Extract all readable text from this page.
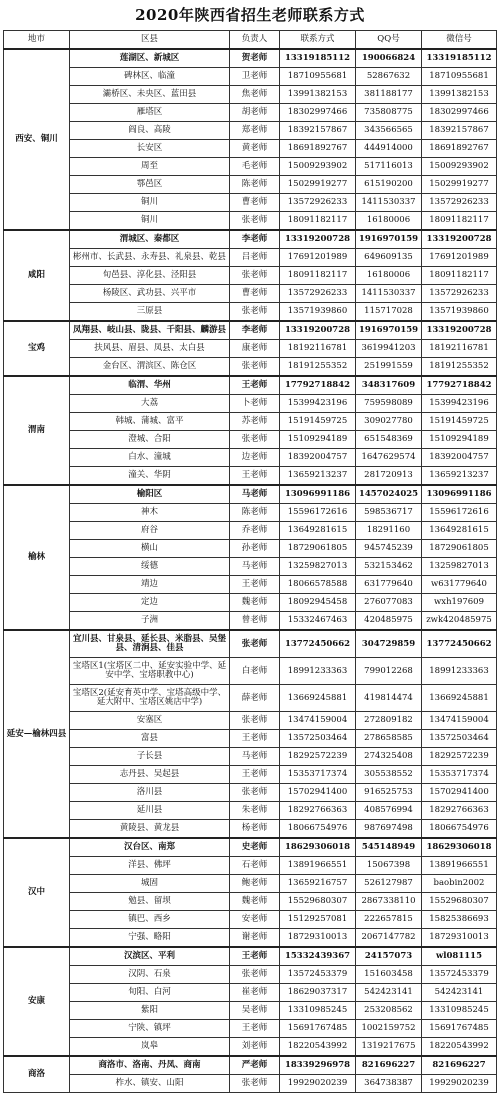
2020年陕西省招生老师联系方式
地市	区县	负责人	联系方式	QQ号	微信号
西安、铜川	莲湖区、新城区	贺老师	13319185112	190066824	13319185112
	碑林区、临潼	卫老师	18710955681	52867632	18710955681
	灞桥区、未央区、蓝田县	焦老师	13991382153	381188177	13991382153
	雁塔区	胡老师	18302997466	735808775	18302997466
	阎良、高陵	郑老师	18392157867	343566565	18392157867
	长安区	黄老师	18691892767	444914000	18691892767
	周至	毛老师	15009293902	517116013	15009293902
	鄠邑区	陈老师	15029919277	615190200	15029919277
	铜川	曹老师	13572926233	1411530337	13572926233
	铜川	张老师	18091182117	16180006	18091182117
咸阳	渭城区、秦都区	李老师	13319200728	1916970159	13319200728
	彬州市、长武县、永寿县、礼泉县、乾县	吕老师	17691201989	649609135	17691201989
	旬邑县、淳化县、泾阳县	张老师	18091182117	16180006	18091182117
	杨陵区、武功县、兴平市	曹老师	13572926233	1411530337	13572926233
	三原县	张老师	13571939860	115717028	13571939860
宝鸡	凤翔县、岐山县、陇县、千阳县、麟游县	李老师	13319200728	1916970159	13319200728
	扶风县、眉县、凤县、太白县	康老师	18192116781	3619941203	18192116781
	金台区、渭滨区、陈仓区	张老师	18191255352	251991559	18191255352
渭南	临渭、华州	王老师	17792718842	348317609	17792718842
	大荔	卜老师	15399423196	759598089	15399423196
	韩城、蒲城、富平	苏老师	15191459725	309027780	15191459725
	澄城、合阳	张老师	15109294189	651548369	15109294189
	白水、潼城	边老师	18392004757	1647629574	18392004757
	潼关、华阴	王老师	13659213237	281720913	13659213237
榆林	榆阳区	马老师	13096991186	1457024025	13096991186
	神木	陈老师	15596172616	598536717	15596172616
	府谷	乔老师	13649281615	18291160	13649281615
	横山	孙老师	18729061805	945745239	18729061805
	绥德	马老师	13259827013	532153462	13259827013
	靖边	王老师	18066578588	631779640	w631779640
	定边	魏老师	18092945458	276077083	wxh197609
	子洲	曾老师	15332467463	420485975	zwk420485975
延安—榆林四县	宜川县、甘泉县、延长县、米脂县、吴堡县、清涧县、佳县	张老师	13772450662	304729859	13772450662
	宝塔区1(宝塔区二中、延安实验中学、延安中学、宝塔职教中心)	白老师	18991233363	799012268	18991233363
	宝塔区2(延安育英中学、宝塔高级中学、延大附中、宝塔区姚店中学)	薛老师	13669245881	419814474	13669245881
	安塞区	张老师	13474159004	272809182	13474159004
	富县	王老师	13572503464	278658585	13572503464
	子长县	马老师	18292572239	274325408	18292572239
	志丹县、吴起县	王老师	15353717374	305538552	15353717374
	洛川县	张老师	15702941400	916525753	15702941400
	延川县	朱老师	18292766363	408576994	18292766363
	黄陵县、黄龙县	杨老师	18066754976	987697498	18066754976
汉中	汉台区、南郑	史老师	18629306018	545148949	18629306018
	洋县、佛坪	石老师	13891966551	15067398	13891966551
	城固	鲍老师	13659216757	526127987	baobin2002
	勉县、留坝	魏老师	15529680307	2867338110	15529680307
	镇巴、西乡	安老师	15129257081	222657815	15825386693
	宁强、略阳	谢老师	18729310013	2067147782	18729310013
安康	汉滨区、平利	王老师	15332439367	24157073	wl081115
	汉阴、石泉	张老师	13572453379	151603458	13572453379
	旬阳、白河	崔老师	18629037317	542423141	542423141
	紫阳	吴老师	13310985245	253208562	13310985245
	宁陕、镇坪	王老师	15691767485	1002159752	15691767485
	岚皋	刘老师	18220543992	1319217675	18220543992
商洛	商洛市、洛南、丹凤、商南	严老师	18339296978	821696227	821696227
	柞水、镇安、山阳	张老师	19929020239	364738387	19929020239
